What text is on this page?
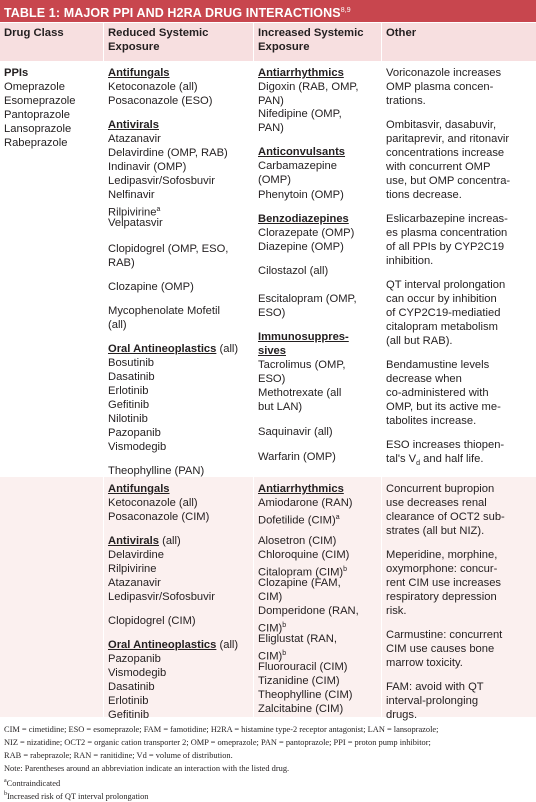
TABLE 1: MAJOR PPI AND H2RA DRUG INTERACTIONS$^{8,9}$
Drug Class	Reduced Systemic
Exposure
Increased Systemic
Exposure
Other
PPIs
Omeprazole
Esomeprazole
Pantoprazole
Lansoprazole
Rabeprazole
Antifungals
Ketoconazole (all)
Posaconazole (ESO)
Antivirals
Atazanavir
Delavirdine (OMP, RAB)
Indinavir (OMP)
Ledipasvir/Sofosbuvir
Nelfinavir
Rilpivirine$^a$
Velpatasvir
Clopidogrel (OMP, ESO,
RAB)
Clozapine (OMP)
Mycophenolate Mofetil
(all)
Oral Antineoplastics (all)
Bosutinib
Dasatinib
Erlotinib
Gefitinib
Nilotinib
Pazopanib
Vismodegib
Theophylline (PAN)
Antiarrhythmics
Digoxin (RAB, OMP,
PAN)
Nifedipine (OMP,
PAN)
Anticonvulsants
Carbamazepine
(OMP)
Phenytoin (OMP)
Benzodiazepines
Clorazepate (OMP)
Diazepine (OMP)
Cilostazol (all)
Escitalopram (OMP,
ESO)
Immunosuppres-
sives
Tacrolimus (OMP,
ESO)
Methotrexate (all
but LAN)
Saquinavir (all)
Warfarin (OMP)
Voriconazole increases
OMP plasma concen-
trations.
Ombitasvir, dasabuvir,
paritaprevir, and ritonavir
concentrations increase
with concurrent OMP
use, but OMP concentra-
tions decrease.
Eslicarbazepine increas-
es plasma concentration
of all PPIs by CYP2C19
inhibition.
QT interval prolongation
can occur by inhibition
of CYP2C19-mediatied
citalopram metabolism
(all but RAB).
Bendamustine levels
decrease when
co-administered with
OMP, but its active me-
tabolites increase.
ESO increases thiopen-
tal's $V_d$ and half life.
Antifungals
Ketoconazole (all)
Posaconazole (CIM)
Antivirals (all)
Delavirdine
Rilpivirine
Atazanavir
Ledipasvir/Sofosbuvir
Clopidogrel (CIM)
Oral Antineoplastics (all)
Pazopanib
Vismodegib
Dasatinib
Erlotinib
Gefitinib
Antiarrhythmics
Amiodarone (RAN)
Dofetilide (CIM)$^a$
Alosetron (CIM)
Chloroquine (CIM)
Citalopram (CIM)$^b$
Clozapine (FAM,
CIM)
Domperidone (RAN,
CIM)$^b$
Eliglustat (RAN,
CIM)$^b$
Fluorouracil (CIM)
Tizanidine (CIM)
Theophylline (CIM)
Zalcitabine (CIM)
Concurrent bupropion
use decreases renal
clearance of OCT2 sub-
strates (all but NIZ).
Meperidine, morphine,
oxymorphone: concur-
rent CIM use increases
respiratory depression
risk.
Carmustine: concurrent
CIM use causes bone
marrow toxicity.
FAM: avoid with QT
interval-prolonging
drugs.
CIM = cimetidine; ESO = esomeprazole; FAM = famotidine; H2RA = histamine type-2 receptor antagonist; LAN = lansoprazole;
NIZ = nizatidine; OCT2 = organic cation transporter 2; OMP = omeprazole; PAN = pantoprazole; PPI = proton pump inhibitor;
RAB = rabeprazole; RAN = ranitidine; Vd = volume of distribution.
Note: Parentheses around an abbreviation indicate an interaction with the listed drug.
$^a$Contraindicated
$^b$Increased risk of QT interval prolongation
